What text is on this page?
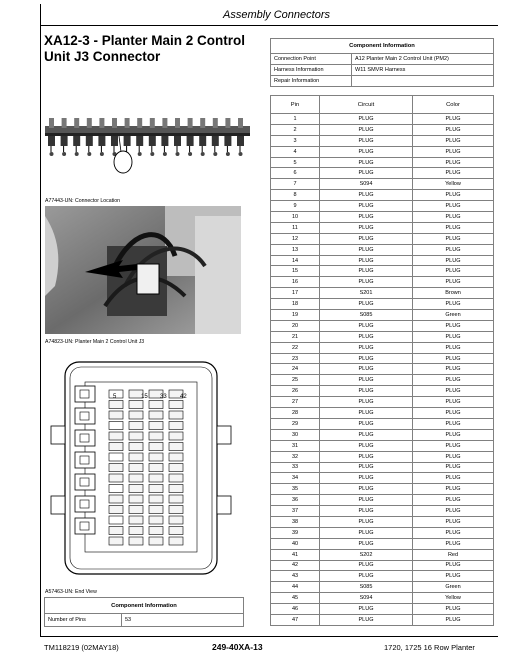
Assembly Connectors
XA12-3 - Planter Main 2 Control Unit J3 Connector
Component Information	
Connection Point	A12 Planter Main 2 Control Unit (PM2)
Harness Information	W11 SMVR Harness
Repair Information	
A77443-UN: Connector Location
A74823-UN: Planter Main 2 Control Unit J3
5	15 33 42
A57463-UN: End View
Component Information
Number of Pins	53
Pin	Circuit	Color
1	PLUG	PLUG
2	PLUG	PLUG
3	PLUG	PLUG
4	PLUG	PLUG
5	PLUG	PLUG
6	PLUG	PLUG
7	S094	Yellow
8	PLUG	PLUG
9	PLUG	PLUG
10	PLUG	PLUG
11	PLUG	PLUG
12	PLUG	PLUG
13	PLUG	PLUG
14	PLUG	PLUG
15	PLUG	PLUG
16	PLUG	PLUG
17	S201	Brown
18	PLUG	PLUG
19	S085	Green
20	PLUG	PLUG
21	PLUG	PLUG
22	PLUG	PLUG
23	PLUG	PLUG
24	PLUG	PLUG
25	PLUG	PLUG
26	PLUG	PLUG
27	PLUG	PLUG
28	PLUG	PLUG
29	PLUG	PLUG
30	PLUG	PLUG
31	PLUG	PLUG
32	PLUG	PLUG
33	PLUG	PLUG
34	PLUG	PLUG
35	PLUG	PLUG
36	PLUG	PLUG
37	PLUG	PLUG
38	PLUG	PLUG
39	PLUG	PLUG
40	PLUG	PLUG
41	S202	Red
42	PLUG	PLUG
43	PLUG	PLUG
44	S085	Green
45	S094	Yellow
46	PLUG	PLUG
47	PLUG	PLUG
TM118219 (02MAY18)	249-40XA-13	1720, 1725 16 Row Planter
